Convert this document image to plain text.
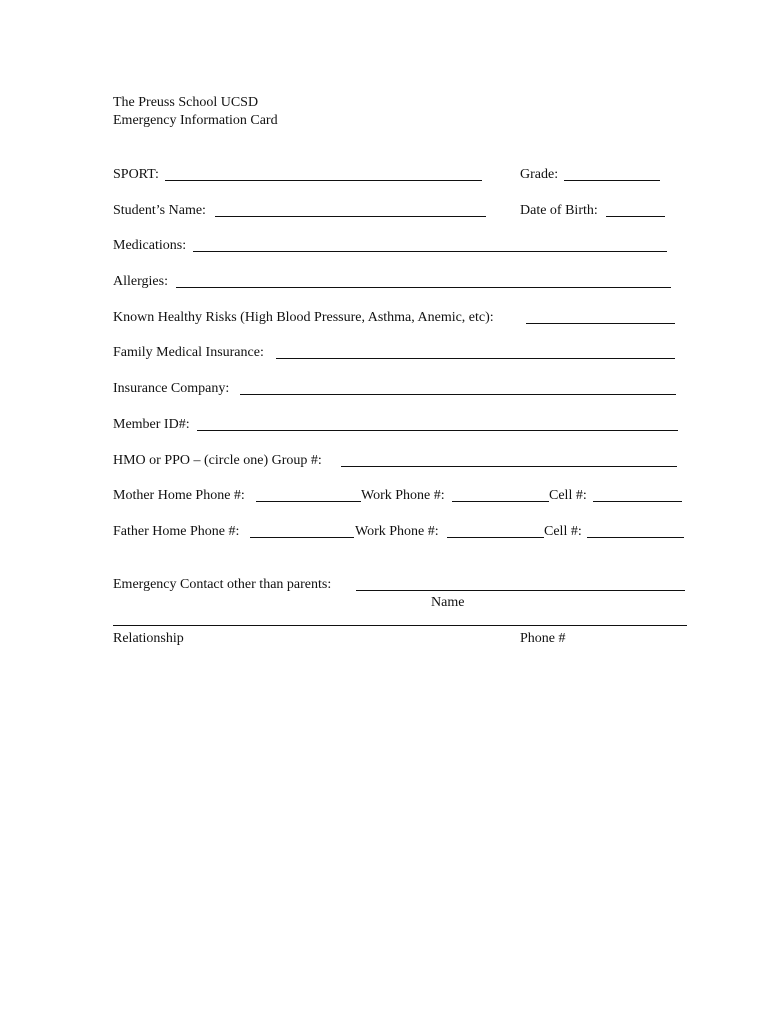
The Preuss School UCSD
Emergency Information Card
SPORT:	Grade:
Student’s Name:	Date of Birth:
Medications:
Allergies:
Known Healthy Risks (High Blood Pressure, Asthma, Anemic, etc):
Family Medical Insurance:
Insurance Company:
Member ID#:
HMO or PPO – (circle one) Group #:
Mother Home Phone #:	Work Phone #:	Cell #:
Father Home Phone #:	Work Phone #:	Cell #:
Emergency Contact other than parents:
Name
Relationship	Phone #
